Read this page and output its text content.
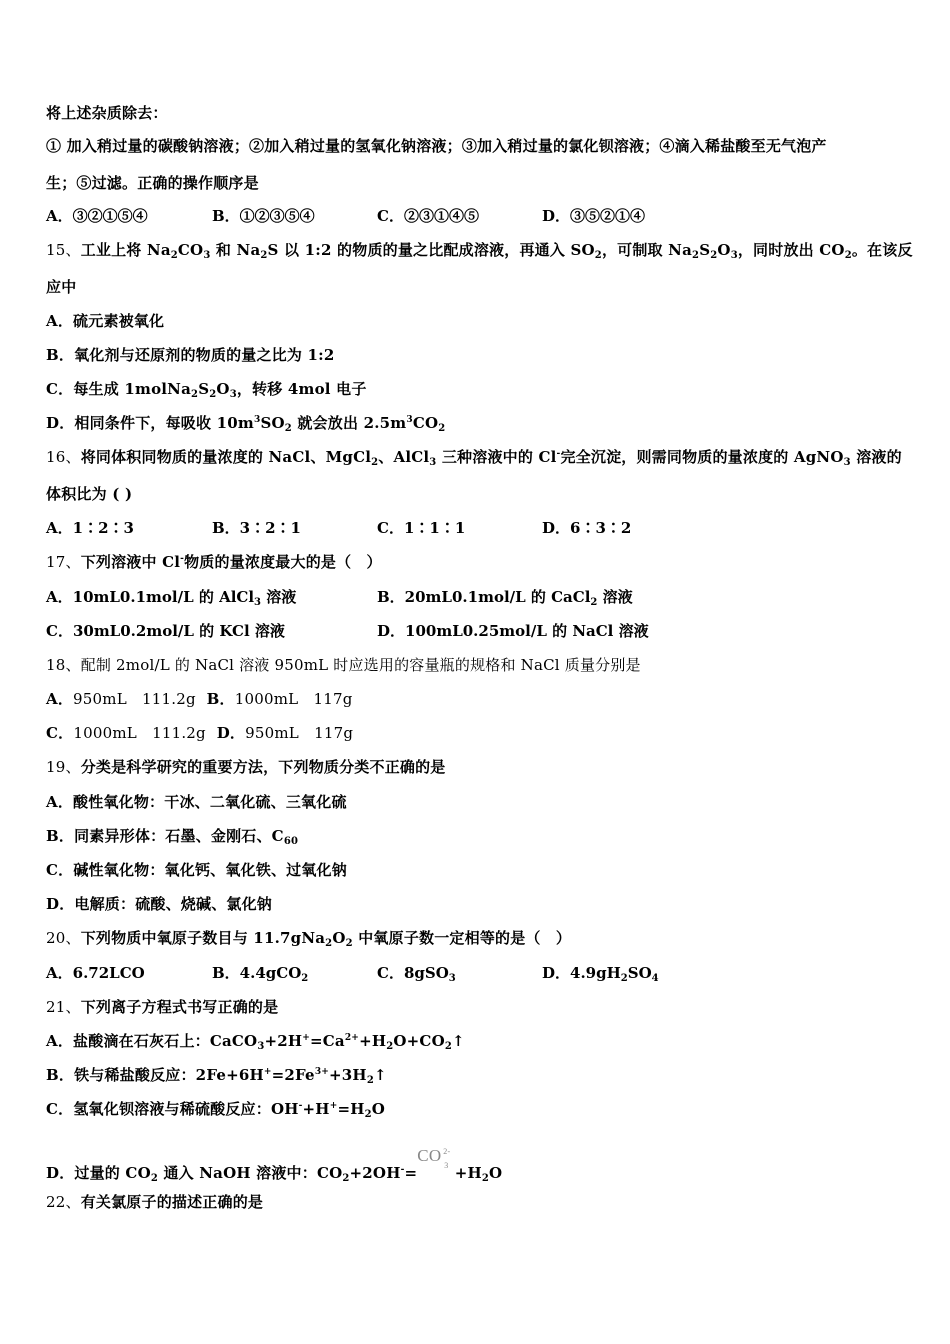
将上述杂质除去：
① 加入稍过量的碳酸钠溶液；②加入稍过量的氢氧化钠溶液；③加入稍过量的氯化钡溶液；④滴入稀盐酸至无气泡产
生；⑤过滤。正确的操作顺序是
A．③②①⑤④	B．①②③⑤④	C．②③①④⑤	D．③⑤②①④
15、工业上将 $Na_2CO_3$ 和 $Na_2S$ 以 1:2 的物质的量之比配成溶液，再通入 $SO_2$，可制取 $Na_2S_2O_3$，同时放出 $CO_2$。在该反
应中
A．硫元素被氧化
B．氧化剂与还原剂的物质的量之比为 1:2
C．每生成 $1molNa_2S_2O_3$，转移 4mol 电子
D．相同条件下，每吸收 $10m^3SO_2$ 就会放出 $2.5m^3CO_2$
16、将同体积同物质的量浓度的 NaCl、MgCl$_2$、AlCl$_3$ 三种溶液中的 Cl-完全沉淀，则需同物质的量浓度的 AgNO$_3$ 溶液的
体积比为 ( )
A．1∶2∶3	B．3∶2∶1	C．1∶1∶1	D．6∶3∶2
17、下列溶液中 Cl-物质的量浓度最大的是（　）
A．10mL0.1mol/L 的 AlCl$_3$ 溶液	B．20mL0.1mol/L 的 CaCl$_2$ 溶液
C．30mL0.2mol/L 的 KCl 溶液	D．100mL0.25mol/L 的 NaCl 溶液
18、配制 2mol/L 的 NaCl 溶液 950mL 时应选用的容量瓶的规格和 NaCl 质量分别是
A．950mL　111.2g B．1000mL　117g
C．1000mL　111.2g D．950mL　117g
19、分类是科学研究的重要方法，下列物质分类不正确的是
A．酸性氧化物：干冰、二氧化硫、三氧化硫
B．同素异形体：石墨、金刚石、$C_{60}$
C．碱性氧化物：氧化钙、氧化铁、过氧化钠
D．电解质：硫酸、烧碱、氯化钠
20、下列物质中氧原子数目与 $11.7gNa_2O_2$ 中氧原子数一定相等的是（　）
A．6.72LCO	B．4.4gCO$_2$	C．8gSO$_3$	D．$4.9gH_2SO_4$
21、下列离子方程式书写正确的是
A．盐酸滴在石灰石上：$CaCO_3+2H^+=Ca^{2+}+H_2O+CO_2↑$
B．铁与稀盐酸反应：$2Fe+6H^+=2Fe^{3+}+3H_2↑$
C．氢氧化钡溶液与稀硫酸反应：$OH^-+H^+=H_2O$
D．过量的 $CO_2$ 通入 NaOH 溶液中：$CO_2+2OH^-=$
CO 2-
$3 +H_2O$
22、有关氯原子的描述正确的是
